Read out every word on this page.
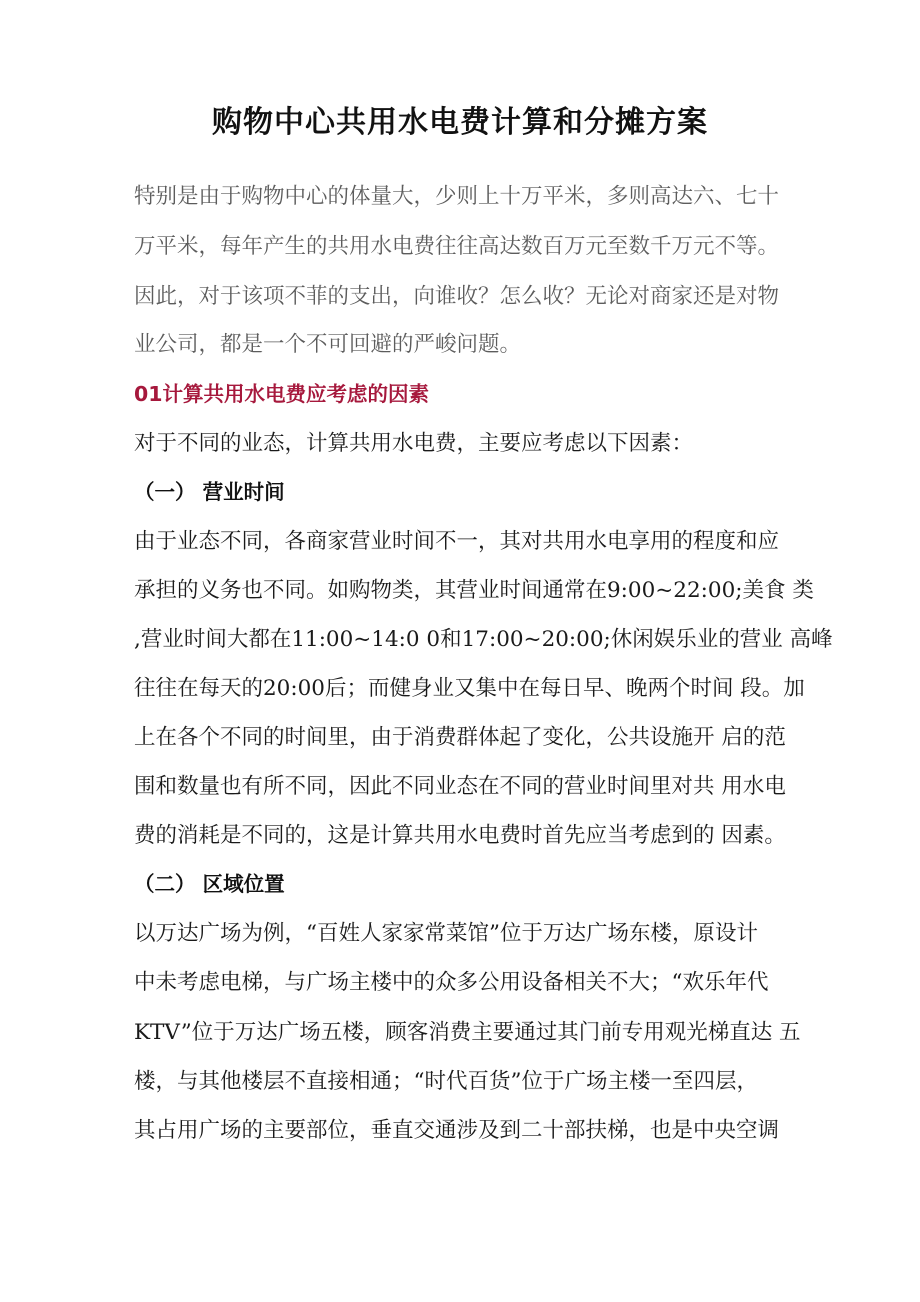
购物中心共用水电费计算和分摊方案

特别是由于购物中心的体量大，少则上十万平米，多则高达六、七十

万平米，每年产生的共用水电费往往高达数百万元至数千万元不等。

因此，对于该项不菲的支出，向谁收？怎么收？无论对商家还是对物

业公司，都是一个不可回避的严峻问题。

01计算共用水电费应考虑的因素

对于不同的业态，计算共用水电费，主要应考虑以下因素：

（一） 营业时间

由于业态不同，各商家营业时间不一，其对共用水电享用的程度和应

承担的义务也不同。如购物类，其营业时间通常在9:00~22:00;美食 类

,营业时间大都在11:00~14:0 0和17:00~20:00;休闲娱乐业的营业 高峰

往往在每天的20:00后；而健身业又集中在每日早、晚两个时间 段。加

上在各个不同的时间里，由于消费群体起了变化，公共设施开 启的范

围和数量也有所不同，因此不同业态在不同的营业时间里对共 用水电

费的消耗是不同的，这是计算共用水电费时首先应当考虑到的 因素。

（二） 区域位置

以万达广场为例，“百姓人家家常菜馆”位于万达广场东楼，原设计

中未考虑电梯，与广场主楼中的众多公用设备相关不大；“欢乐年代

KTV”位于万达广场五楼，顾客消费主要通过其门前专用观光梯直达 五

楼，与其他楼层不直接相通；“时代百货”位于广场主楼一至四层，

其占用广场的主要部位，垂直交通涉及到二十部扶梯，也是中央空调
